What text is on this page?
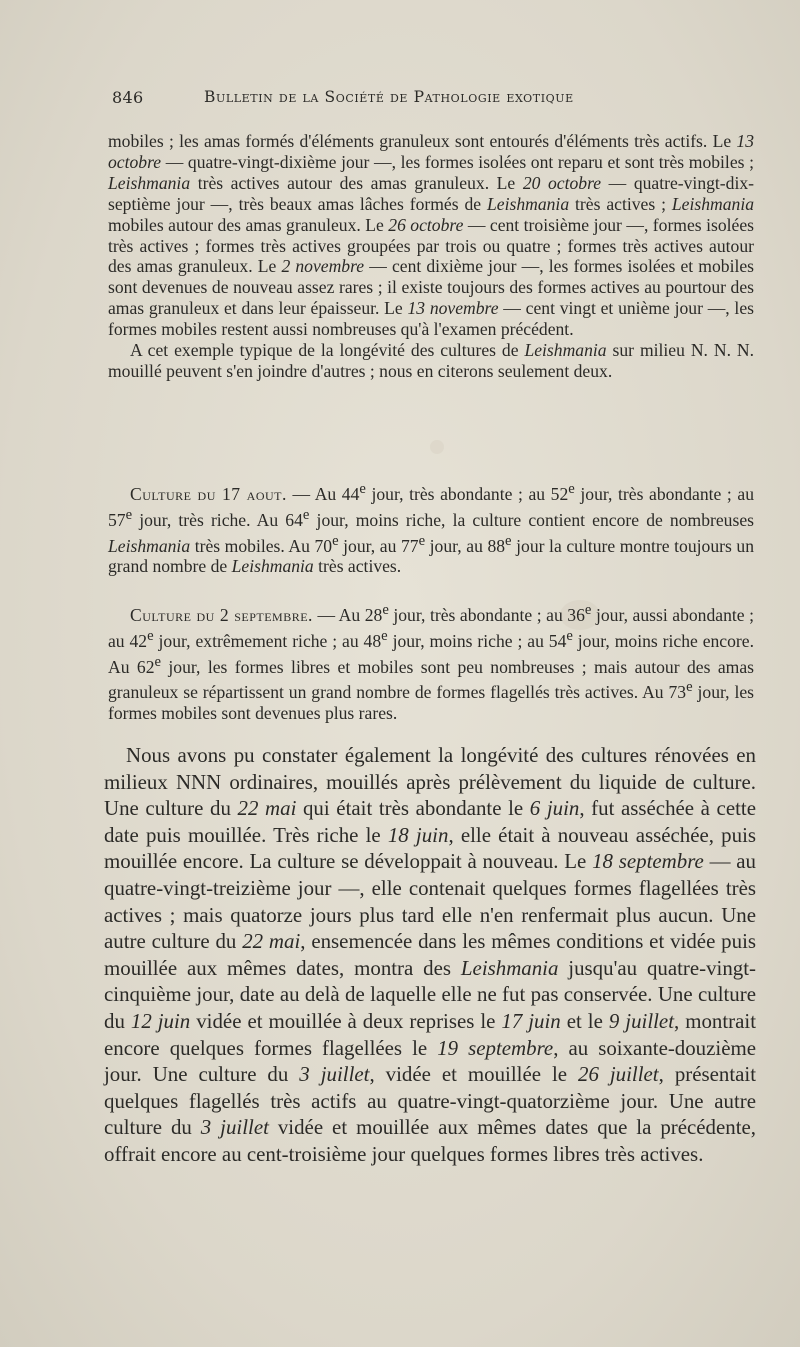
846	Bulletin de la Société de Pathologie exotique

mobiles ; les amas formés d'éléments granuleux sont entourés d'éléments très actifs. Le 13 octobre — quatre-vingt-dixième jour —, les formes isolées ont reparu et sont très mobiles ; Leishmania très actives autour des amas granuleux. Le 20 octobre — quatre-vingt-dix-septième jour —, très beaux amas lâches formés de Leishmania très actives ; Leishmania mobiles autour des amas granuleux. Le 26 octobre — cent troisième jour —, formes isolées très actives ; formes très actives groupées par trois ou quatre ; formes très actives autour des amas granuleux. Le 2 novembre — cent dixième jour —, les formes isolées et mobiles sont devenues de nouveau assez rares ; il existe toujours des formes actives au pourtour des amas granuleux et dans leur épaisseur. Le 13 novembre — cent vingt et unième jour —, les formes mobiles restent aussi nombreuses qu'à l'examen précédent.

A cet exemple typique de la longévité des cultures de Leishmania sur milieu N. N. N. mouillé peuvent s'en joindre d'autres ; nous en citerons seulement deux.

Culture du 17 aout. — Au 44e jour, très abondante ; au 52e jour, très abondante ; au 57e jour, très riche. Au 64e jour, moins riche, la culture contient encore de nombreuses Leishmania très mobiles. Au 70e jour, au 77e jour, au 88e jour la culture montre toujours un grand nombre de Leishmania très actives.

Culture du 2 septembre. — Au 28e jour, très abondante ; au 36e jour, aussi abondante ; au 42e jour, extrêmement riche ; au 48e jour, moins riche ; au 54e jour, moins riche encore. Au 62e jour, les formes libres et mobiles sont peu nombreuses ; mais autour des amas granuleux se répartissent un grand nombre de formes flagellés très actives. Au 73e jour, les formes mobiles sont devenues plus rares.

Nous avons pu constater également la longévité des cultures rénovées en milieux NNN ordinaires, mouillés après prélèvement du liquide de culture. Une culture du 22 mai qui était très abondante le 6 juin, fut asséchée à cette date puis mouillée. Très riche le 18 juin, elle était à nouveau asséchée, puis mouillée encore. La culture se développait à nouveau. Le 18 septembre — au quatre-vingt-treizième jour —, elle contenait quelques formes flagellées très actives ; mais quatorze jours plus tard elle n'en renfermait plus aucun. Une autre culture du 22 mai, ensemencée dans les mêmes conditions et vidée puis mouillée aux mêmes dates, montra des Leishmania jusqu'au quatre-vingt-cinquième jour, date au delà de laquelle elle ne fut pas conservée. Une culture du 12 juin vidée et mouillée à deux reprises le 17 juin et le 9 juillet, montrait encore quelques formes flagellées le 19 septembre, au soixante-douzième jour. Une culture du 3 juillet, vidée et mouillée le 26 juillet, présentait quelques flagellés très actifs au quatre-vingt-quatorzième jour. Une autre culture du 3 juillet vidée et mouillée aux mêmes dates que la précédente, offrait encore au cent-troisième jour quelques formes libres très actives.
